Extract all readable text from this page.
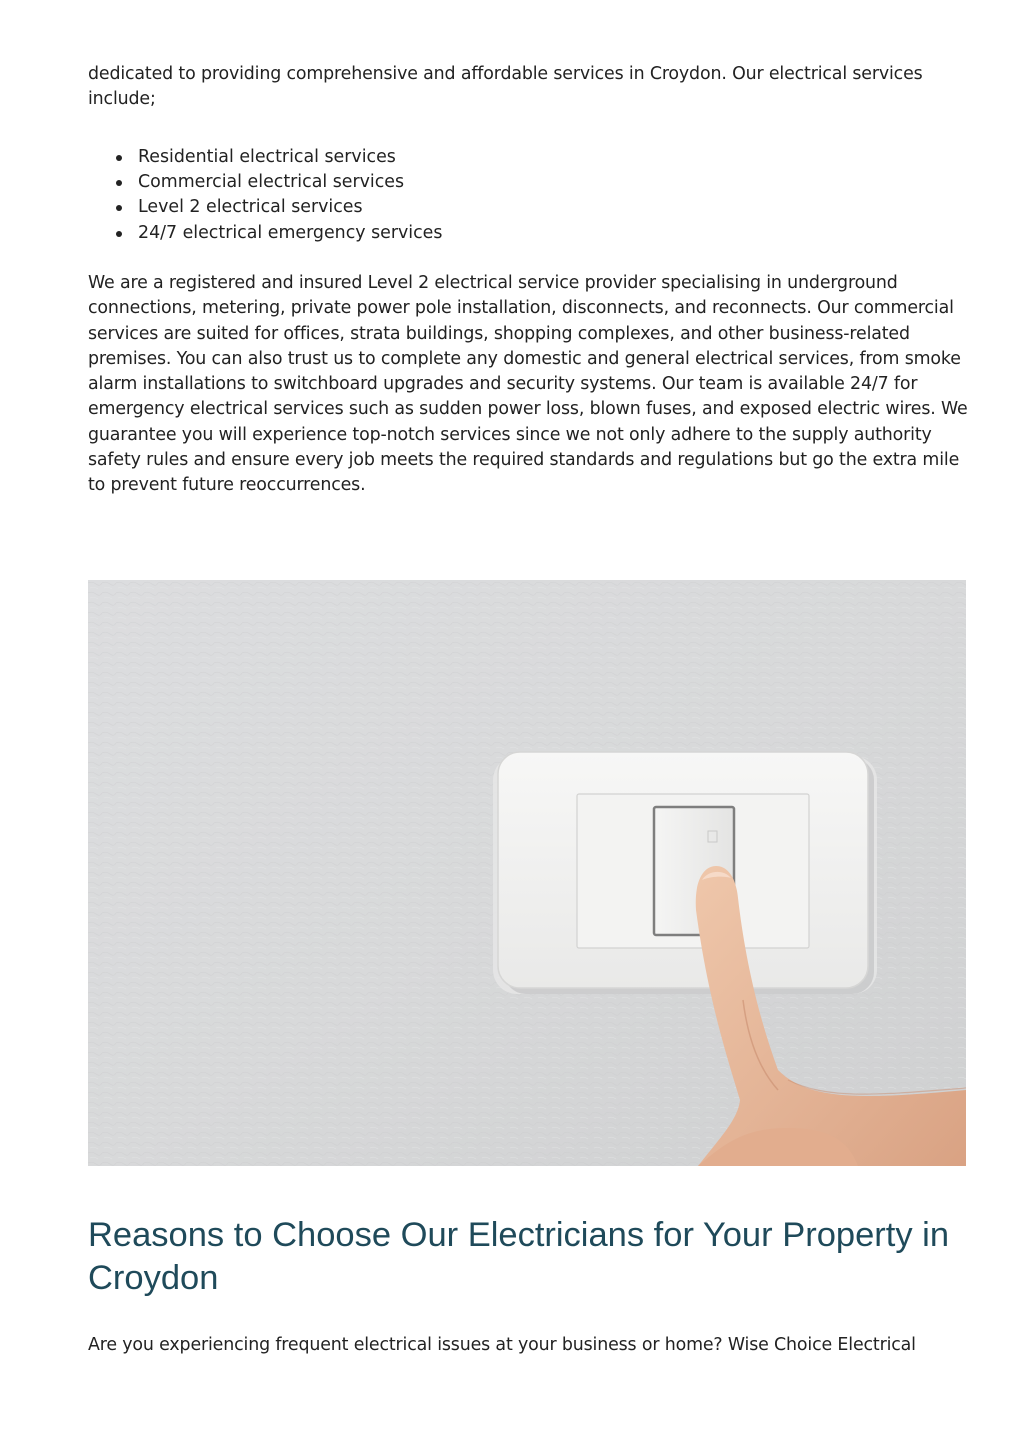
dedicated to providing comprehensive and affordable services in Croydon. Our electrical services include;

Residential electrical services
Commercial electrical services
Level 2 electrical services
24/7 electrical emergency services

We are a registered and insured Level 2 electrical service provider specialising in underground connections, metering, private power pole installation, disconnects, and reconnects. Our commercial services are suited for offices, strata buildings, shopping complexes, and other business-related premises. You can also trust us to complete any domestic and general electrical services, from smoke alarm installations to switchboard upgrades and security systems. Our team is available 24/7 for emergency electrical services such as sudden power loss, blown fuses, and exposed electric wires. We guarantee you will experience top-notch services since we not only adhere to the supply authority safety rules and ensure every job meets the required standards and regulations but go the extra mile to prevent future reoccurrences.

Reasons to Choose Our Electricians for Your Property in Croydon

Are you experiencing frequent electrical issues at your business or home? Wise Choice Electrical
